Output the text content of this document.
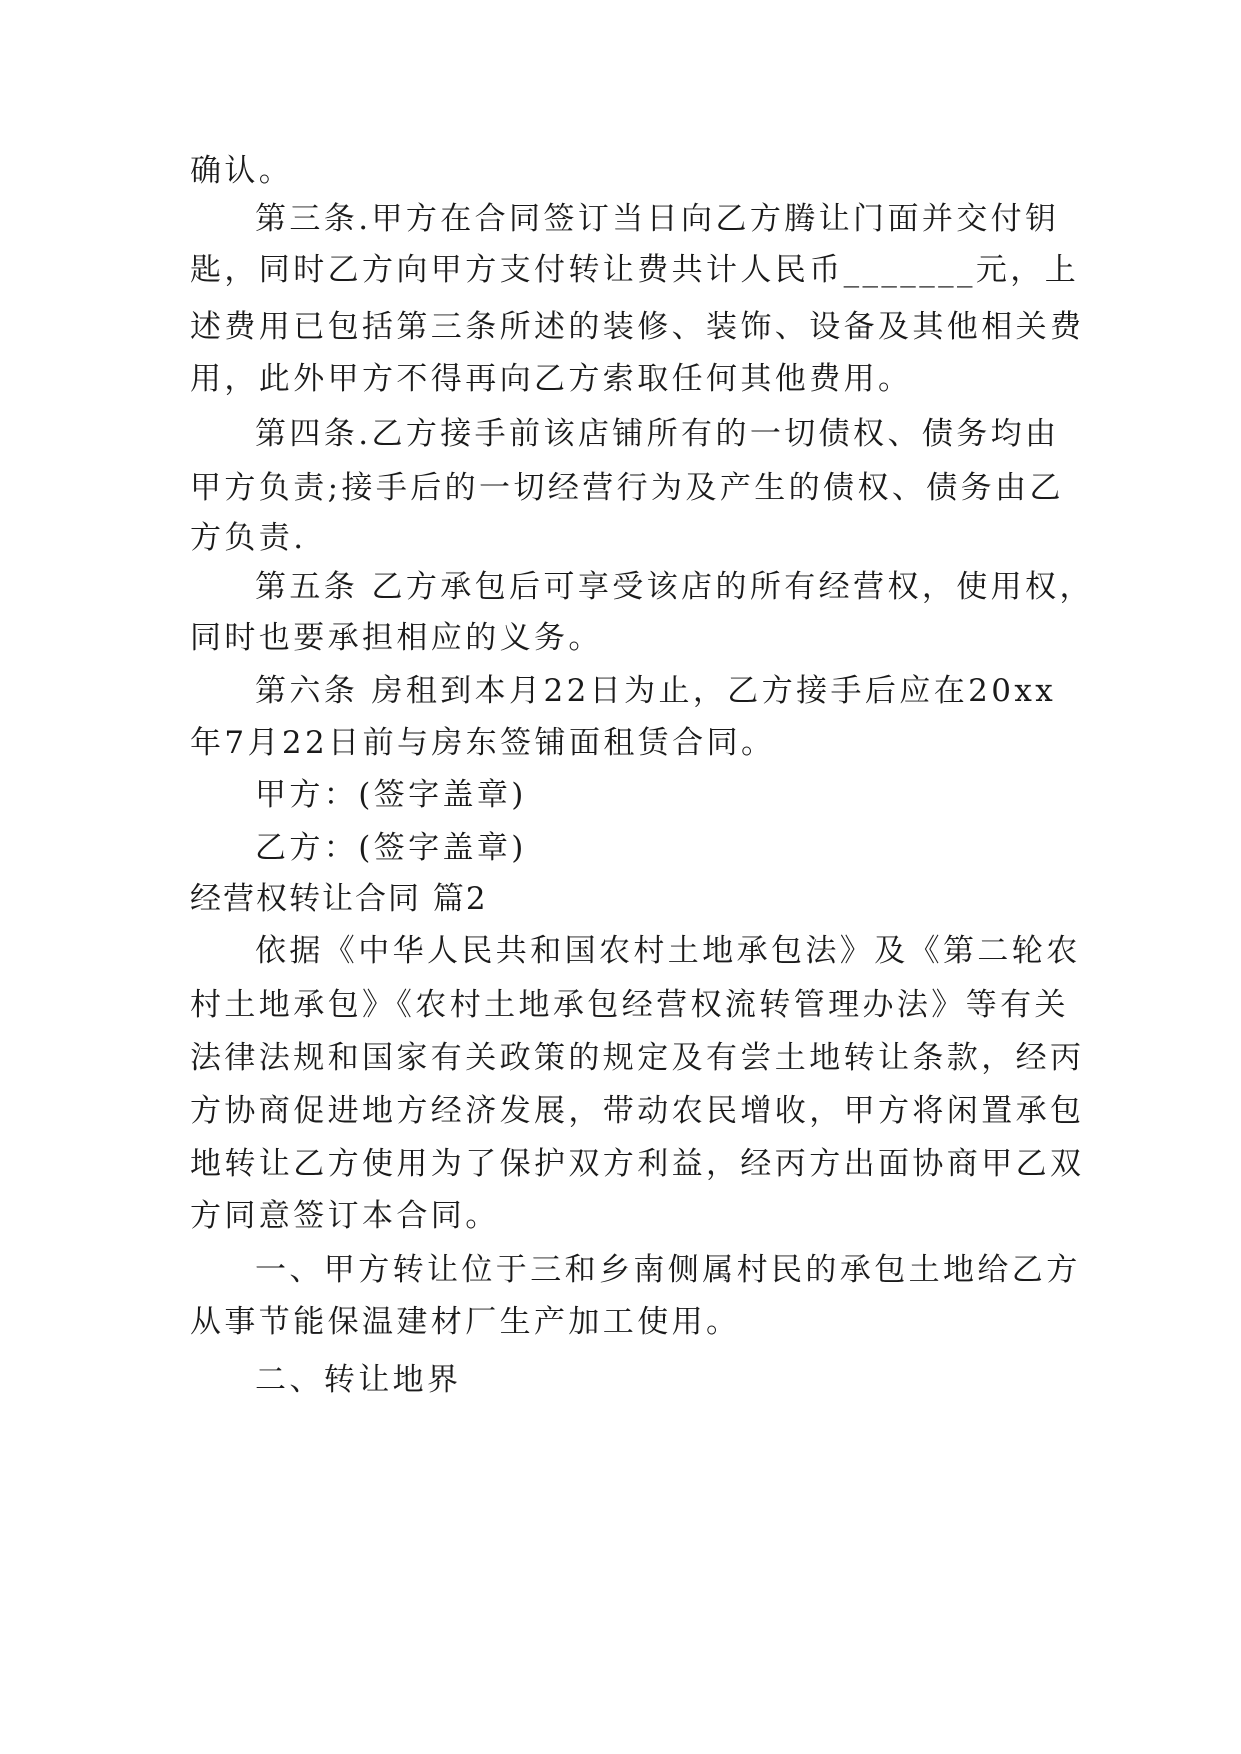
确认。
第三条.甲方在合同签订当日向乙方腾让门面并交付钥
匙，同时乙方向甲方支付转让费共计人民币_______元，上
述费用已包括第三条所述的装修、装饰、设备及其他相关费
用，此外甲方不得再向乙方索取任何其他费用。
第四条.乙方接手前该店铺所有的一切债权、债务均由
甲方负责;接手后的一切经营行为及产生的债权、债务由乙
方负责.
第五条 乙方承包后可享受该店的所有经营权，使用权，
同时也要承担相应的义务。
第六条 房租到本月22日为止，乙方接手后应在20xx
年7月22日前与房东签铺面租赁合同。
甲方：(签字盖章)
乙方：(签字盖章)
经营权转让合同 篇2
依据《中华人民共和国农村土地承包法》及《第二轮农
村土地承包》《农村土地承包经营权流转管理办法》等有关
法律法规和国家有关政策的规定及有尝土地转让条款，经丙
方协商促进地方经济发展，带动农民增收，甲方将闲置承包
地转让乙方使用为了保护双方利益，经丙方出面协商甲乙双
方同意签订本合同。
一、甲方转让位于三和乡南侧属村民的承包土地给乙方
从事节能保温建材厂生产加工使用。
二、转让地界
